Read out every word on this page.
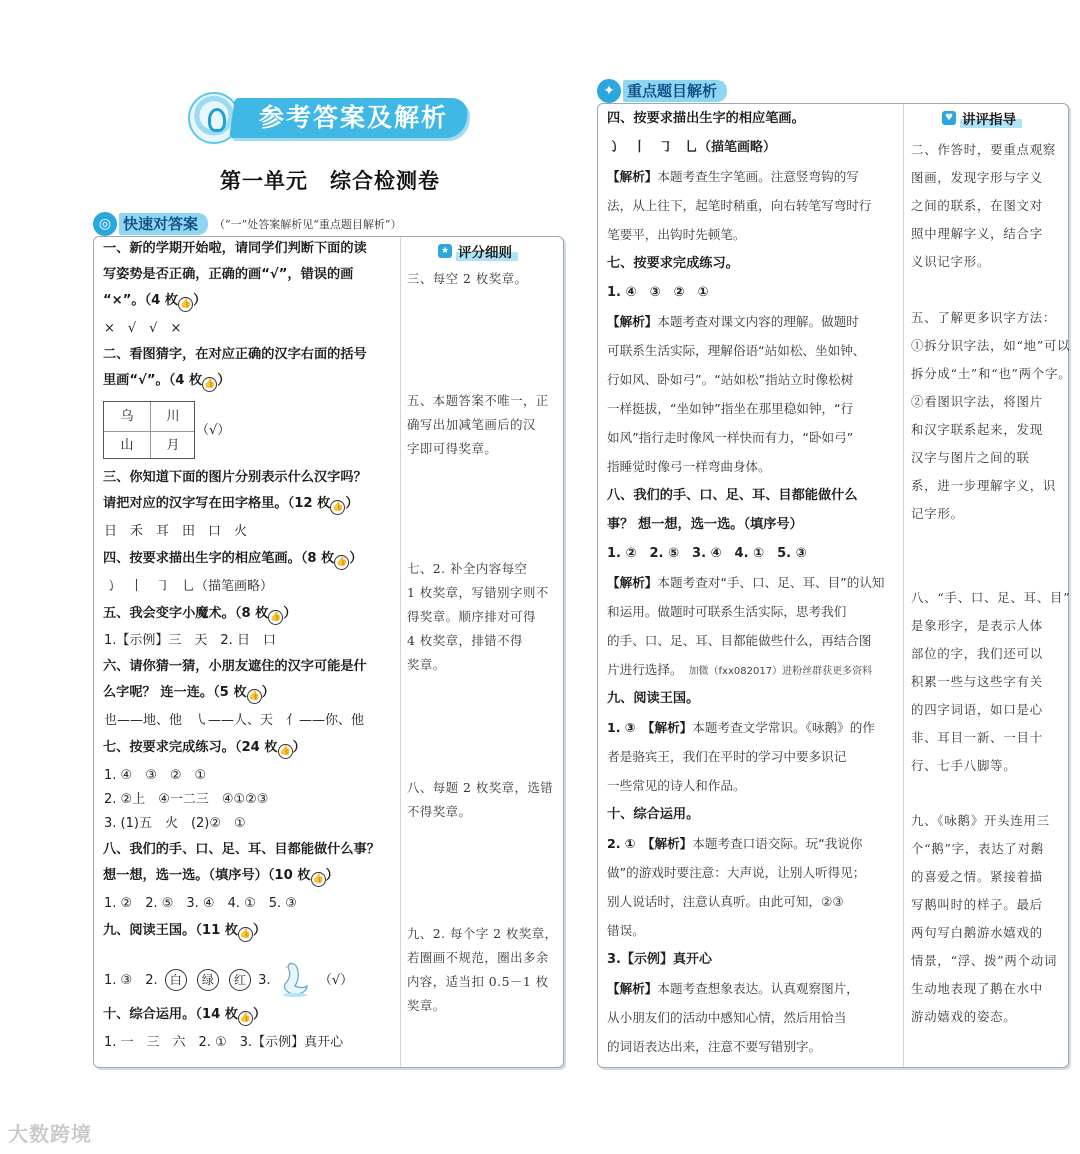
参考答案及解析
第一单元　综合检测卷
◎ 快速对答案	（“一”处答案解析见“重点题目解析”）
✦ 重点题目解析
★ 评分细则
一、新的学期开始啦，请同学们判断下面的读
写姿势是否正确，正确的画“√”，错误的画
“×”。（4 枚 👍 ）
×　√　√　×
二、看图猜字，在对应正确的汉字右面的括号
里画“√”。（4 枚 👍 ）
乌	川
山	月
（√）
三、你知道下面的图片分别表示什么汉字吗？
请把对应的汉字写在田字格里。（12 枚 👍 ）
日　禾　耳　田　口　火
四、按要求描出生字的相应笔画。（8 枚 👍 ）
㇁　丨　㇆　乚（描笔画略）
五、我会变字小魔术。（8 枚 👍 ）
1.【示例】三　天　2. 日　口
六、请你猜一猜，小朋友遮住的汉字可能是什
么字呢？ 连一连。（5 枚 👍 ）
也——地、他　㇂——人、天　亻——你、他
七、按要求完成练习。（24 枚 👍 ）
1. ④　③　②　①
2. ②上　④一二三　④①②③
3. (1)五　火　(2)②　①
八、我们的手、口、足、耳、目都能做什么事？
想一想，选一选。（填序号）（10 枚 👍 ）
1. ②　2. ⑤　3. ④　4. ①　5. ③
九、阅读王国。（11 枚 👍 ）
1. ③　2. 白 绿 红 3.	（√）
十、综合运用。（14 枚 👍 ）
1. 一　三　六　2. ①　3.【示例】真开心
三、每空 2 枚奖章。
五、本题答案不唯一，正
确写出加减笔画后的汉
字即可得奖章。
七、2. 补全内容每空
1 枚奖章，写错别字则不
得奖章。顺序排对可得
4 枚奖章，排错不得
奖章。
八、每题 2 枚奖章，选错
不得奖章。
九、2. 每个字 2 枚奖章，
若圈画不规范，圈出多余
内容，适当扣 0.5－1 枚
奖章。
四、按要求描出生字的相应笔画。
㇁　丨　㇆　乚（描笔画略）
【解析】本题考查生字笔画。注意竖弯钩的写
法，从上往下，起笔时稍重，向右转笔写弯时行
笔要平，出钩时先顿笔。
七、按要求完成练习。
1. ④　③　②　①
【解析】本题考查对课文内容的理解。做题时
可联系生活实际，理解俗语“站如松、坐如钟、
行如风、卧如弓”。“站如松”指站立时像松树
一样挺拔，“坐如钟”指坐在那里稳如钟，“行
如风”指行走时像风一样快而有力，“卧如弓”
指睡觉时像弓一样弯曲身体。
八、我们的手、口、足、耳、目都能做什么
事？ 想一想，选一选。（填序号）
1. ②　2. ⑤　3. ④　4. ①　5. ③
【解析】本题考查对“手、口、足、耳、目”的认知
和运用。做题时可联系生活实际，思考我们
的手、口、足、耳、目都能做些什么，再结合图
片进行选择。 加微（fxx082017）进粉丝群获更多资料
九、阅读王国。
1. ③　【解析】本题考查文学常识。《咏鹅》的作
者是骆宾王，我们在平时的学习中要多识记
一些常见的诗人和作品。
十、综合运用。
2. ①　【解析】本题考查口语交际。玩“我说你
做”的游戏时要注意：大声说，让别人听得见；
别人说话时，注意认真听。由此可知，②③
错误。
3.【示例】真开心
【解析】本题考查想象表达。认真观察图片，
从小朋友们的活动中感知心情，然后用恰当
的词语表达出来，注意不要写错别字。
♥ 讲评指导
二、作答时，要重点观察
图画，发现字形与字义
之间的联系，在图文对
照中理解字义，结合字
义识记字形。
五、了解更多识字方法：
①拆分识字法，如“地”可以
拆分成“土”和“也”两个字。
②看图识字法，将图片
和汉字联系起来，发现
汉字与图片之间的联
系，进一步理解字义，识
记字形。
八、“手、口、足、耳、目”
是象形字，是表示人体
部位的字，我们还可以
积累一些与这些字有关
的四字词语，如口是心
非、耳目一新、一目十
行、七手八脚等。
九、《咏鹅》开头连用三
个“鹅”字，表达了对鹅
的喜爱之情。紧接着描
写鹅叫时的样子。最后
两句写白鹅游水嬉戏的
情景，“浮、拨”两个动词
生动地表现了鹅在水中
游动嬉戏的姿态。
大数跨境
